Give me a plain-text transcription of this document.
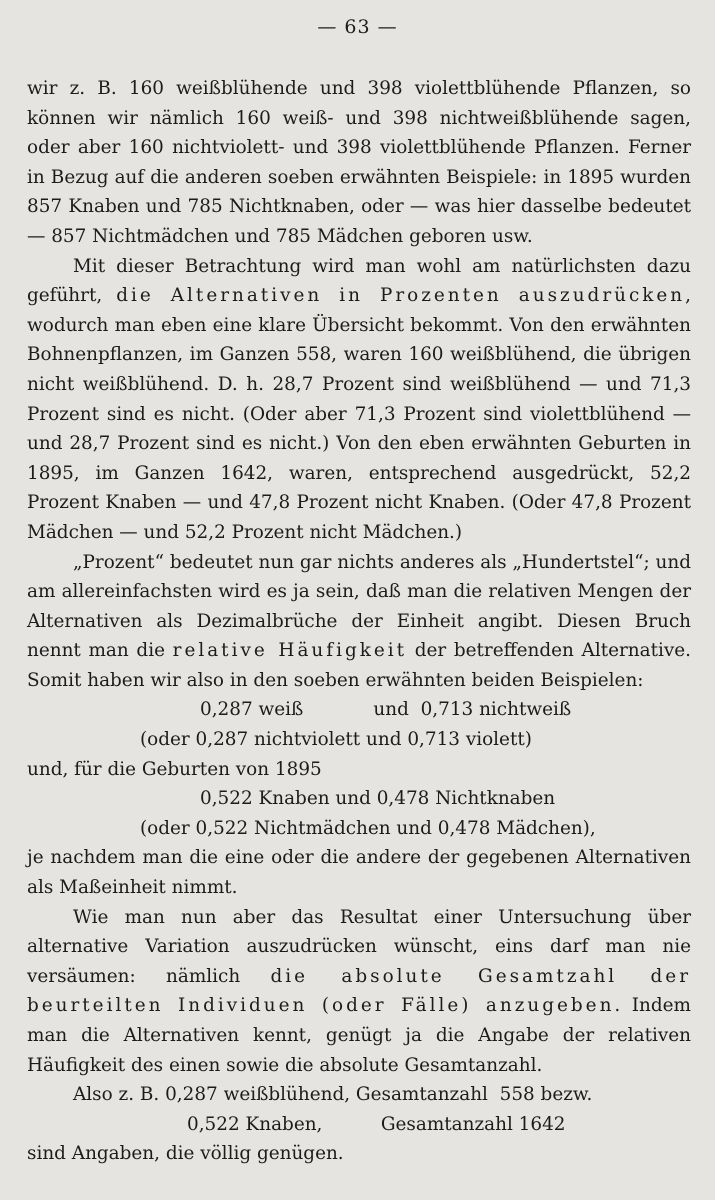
— 63 —

wir z. B. 160 weißblühende und 398 violettblühende Pflanzen, so können wir nämlich 160 weiß- und 398 nichtweißblühende sagen, oder aber 160 nichtviolett- und 398 violettblühende Pflanzen. Ferner in Bezug auf die anderen soeben erwähnten Beispiele: in 1895 wurden 857 Knaben und 785 Nichtknaben, oder — was hier dasselbe bedeutet — 857 Nichtmädchen und 785 Mädchen geboren usw.

Mit dieser Betrachtung wird man wohl am natürlichsten dazu geführt, die Alternativen in Prozenten auszudrücken, wodurch man eben eine klare Übersicht bekommt. Von den erwähnten Bohnenpflanzen, im Ganzen 558, waren 160 weißblühend, die übrigen nicht weißblühend. D. h. 28,7 Prozent sind weißblühend — und 71,3 Prozent sind es nicht. (Oder aber 71,3 Prozent sind violettblühend — und 28,7 Prozent sind es nicht.) Von den eben erwähnten Geburten in 1895, im Ganzen 1642, waren, entsprechend ausgedrückt, 52,2 Prozent Knaben — und 47,8 Prozent nicht Knaben. (Oder 47,8 Prozent Mädchen — und 52,2 Prozent nicht Mädchen.)

„Prozent“ bedeutet nun gar nichts anderes als „Hundertstel“; und am allereinfachsten wird es ja sein, daß man die relativen Mengen der Alternativen als Dezimalbrüche der Einheit angibt. Diesen Bruch nennt man die relative Häufigkeit der betreffenden Alternative. Somit haben wir also in den soeben erwähnten beiden Beispielen:

0,287 weiß            und  0,713 nichtweiß

(oder 0,287 nichtviolett und 0,713 violett)

und, für die Geburten von 1895

0,522 Knaben und 0,478 Nichtknaben

(oder 0,522 Nichtmädchen und 0,478 Mädchen),

je nachdem man die eine oder die andere der gegebenen Alternativen als Maßeinheit nimmt.

Wie man nun aber das Resultat einer Untersuchung über alternative Variation auszudrücken wünscht, eins darf man nie versäumen: nämlich die absolute Gesamtzahl der beurteilten Individuen (oder Fälle) anzugeben. Indem man die Alternativen kennt, genügt ja die Angabe der relativen Häufigkeit des einen sowie die absolute Gesamtanzahl.

Also z. B. 0,287 weißblühend, Gesamtanzahl  558 bezw.

0,522 Knaben,          Gesamtanzahl 1642

sind Angaben, die völlig genügen.
